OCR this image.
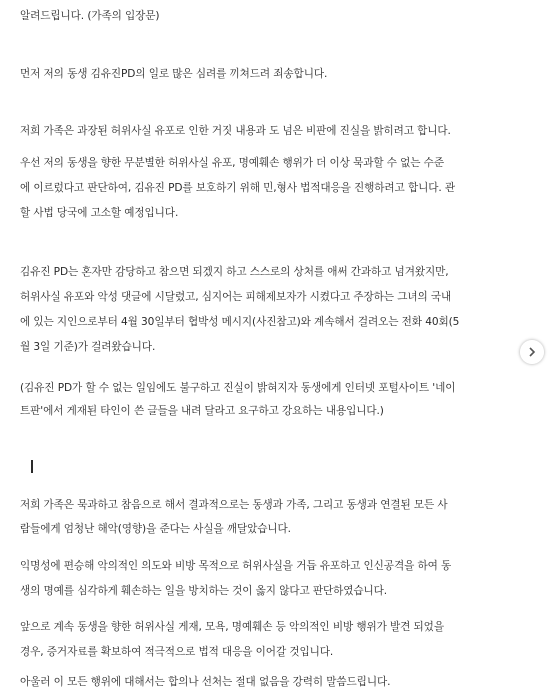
알려드립니다. (가족의 입장문)
먼저 저의 동생 김유진PD의 일로 많은 심려를 끼쳐드려 죄송합니다.
저희 가족은 과장된 허위사실 유포로 인한 거짓 내용과 도 넘은 비판에 진실을 밝히려고 합니다.
우선 저의 동생을 향한 무분별한 허위사실 유포, 명예훼손 행위가 더 이상 묵과할 수 없는 수준
에 이르렀다고 판단하여, 김유진 PD를 보호하기 위해 민,형사 법적대응을 진행하려고 합니다. 관
할 사법 당국에 고소할 예정입니다.
김유진 PD는 혼자만 감당하고 참으면 되겠지 하고 스스로의 상처를 애써 간과하고 넘겨왔지만,
허위사실 유포와 악성 댓글에 시달렸고, 심지어는 피해제보자가 시켰다고 주장하는 그녀의 국내
에 있는 지인으로부터 4월 30일부터 협박성 메시지(사진참고)와 계속해서 걸려오는 전화 40회(5
월 3일 기준)가 걸려왔습니다.
(김유진 PD가 할 수 없는 일임에도 불구하고 진실이 밝혀지자 동생에게 인터넷 포털사이트 '네이
트판'에서 게재된 타인이 쓴 글들을 내려 달라고 요구하고 강요하는 내용입니다.)
저희 가족은 묵과하고 참음으로 해서 결과적으로는 동생과 가족, 그리고 동생과 연결된 모든 사
람들에게 엄청난 해악(영향)을 준다는 사실을 깨달았습니다.
익명성에 편승해 악의적인 의도와 비방 목적으로 허위사실을 거듭 유포하고 인신공격을 하여 동
생의 명예를 심각하게 훼손하는 일을 방치하는 것이 옳지 않다고 판단하였습니다.
앞으로 계속 동생을 향한 허위사실 게재, 모욕, 명예훼손 등 악의적인 비방 행위가 발견 되었을
경우, 증거자료를 확보하여 적극적으로 법적 대응을 이어갈 것입니다.
아울러 이 모든 행위에 대해서는 합의나 선처는 절대 없음을 강력히 말씀드립니다.
